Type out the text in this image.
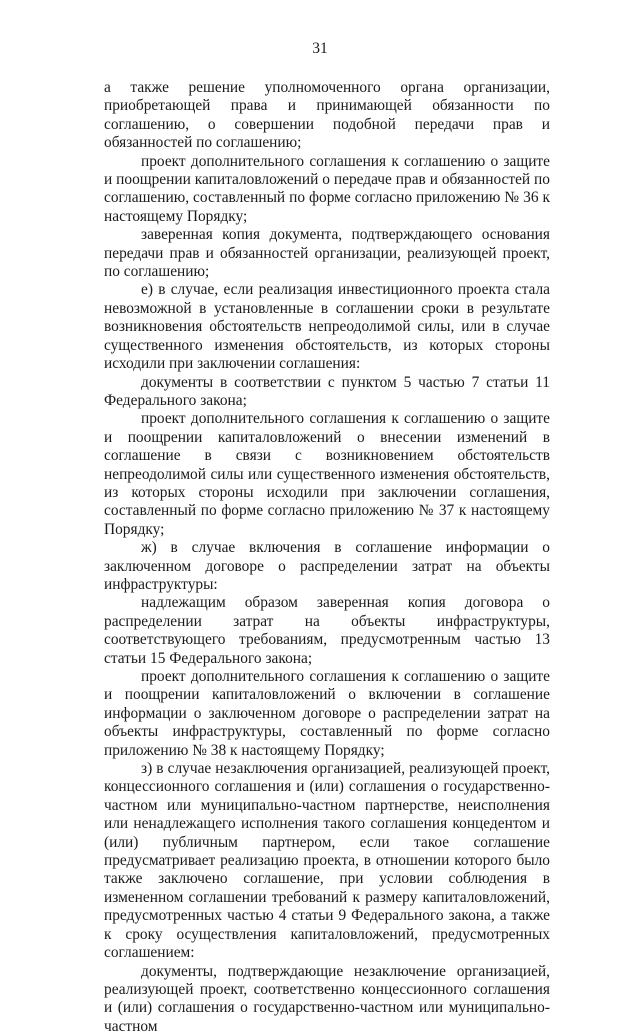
31

а также решение уполномоченного органа организации, приобретающей права и принимающей обязанности по соглашению, о совершении подобной передачи прав и обязанностей по соглашению;

проект дополнительного соглашения к соглашению о защите и поощрении капиталовложений о передаче прав и обязанностей по соглашению, составленный по форме согласно приложению № 36 к настоящему Порядку;

заверенная копия документа, подтверждающего основания передачи прав и обязанностей организации, реализующей проект, по соглашению;

е) в случае, если реализация инвестиционного проекта стала невозможной в установленные в соглашении сроки в результате возникновения обстоятельств непреодолимой силы, или в случае существенного изменения обстоятельств, из которых стороны исходили при заключении соглашения:

документы в соответствии с пунктом 5 частью 7 статьи 11 Федерального закона;

проект дополнительного соглашения к соглашению о защите и поощрении капиталовложений о внесении изменений в соглашение в связи с возникновением обстоятельств непреодолимой силы или существенного изменения обстоятельств, из которых стороны исходили при заключении соглашения, составленный по форме согласно приложению № 37 к настоящему Порядку;

ж) в случае включения в соглашение информации о заключенном договоре о распределении затрат на объекты инфраструктуры:

надлежащим образом заверенная копия договора о распределении затрат на объекты инфраструктуры, соответствующего требованиям, предусмотренным частью 13 статьи 15 Федерального закона;

проект дополнительного соглашения к соглашению о защите и поощрении капиталовложений о включении в соглашение информации о заключенном договоре о распределении затрат на объекты инфраструктуры, составленный по форме согласно приложению № 38 к настоящему Порядку;

з) в случае незаключения организацией, реализующей проект, концессионного соглашения и (или) соглашения о государственно-частном или муниципально-частном партнерстве, неисполнения или ненадлежащего исполнения такого соглашения концедентом и (или) публичным партнером, если такое соглашение предусматривает реализацию проекта, в отношении которого было также заключено соглашение, при условии соблюдения в измененном соглашении требований к размеру капиталовложений, предусмотренных частью 4 статьи 9 Федерального закона, а также к сроку осуществления капиталовложений, предусмотренных соглашением:

документы, подтверждающие незаключение организацией, реализующей проект, соответственно концессионного соглашения и (или) соглашения о государственно-частном или муниципально-частном
